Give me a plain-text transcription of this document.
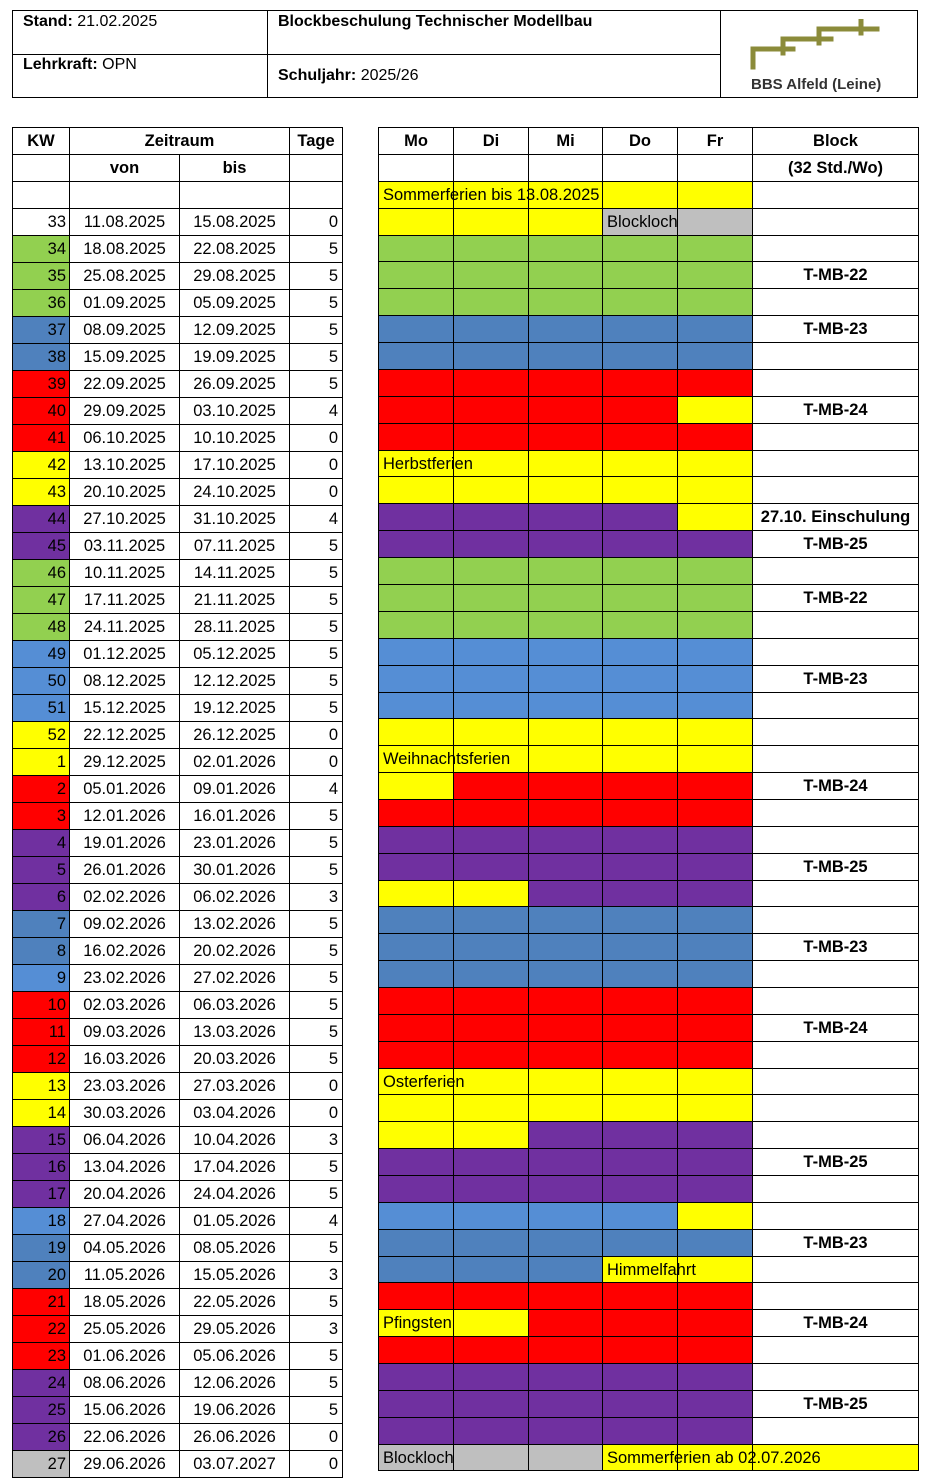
Stand: 21.02.2025
Lehrkraft: OPN
Blockbeschulung Technischer Modellbau
Schuljahr: 2025/26
BBS Alfeld (Leine)
KW	Zeitraum		Tage
	von	bis	

33	11.08.2025	15.08.2025	0
34	18.08.2025	22.08.2025	5
35	25.08.2025	29.08.2025	5
36	01.09.2025	05.09.2025	5
37	08.09.2025	12.09.2025	5
38	15.09.2025	19.09.2025	5
39	22.09.2025	26.09.2025	5
40	29.09.2025	03.10.2025	4
41	06.10.2025	10.10.2025	0
42	13.10.2025	17.10.2025	0
43	20.10.2025	24.10.2025	0
44	27.10.2025	31.10.2025	4
45	03.11.2025	07.11.2025	5
46	10.11.2025	14.11.2025	5
47	17.11.2025	21.11.2025	5
48	24.11.2025	28.11.2025	5
49	01.12.2025	05.12.2025	5
50	08.12.2025	12.12.2025	5
51	15.12.2025	19.12.2025	5
52	22.12.2025	26.12.2025	0
1	29.12.2025	02.01.2026	0
2	05.01.2026	09.01.2026	4
3	12.01.2026	16.01.2026	5
4	19.01.2026	23.01.2026	5
5	26.01.2026	30.01.2026	5
6	02.02.2026	06.02.2026	3
7	09.02.2026	13.02.2026	5
8	16.02.2026	20.02.2026	5
9	23.02.2026	27.02.2026	5
10	02.03.2026	06.03.2026	5
11	09.03.2026	13.03.2026	5
12	16.03.2026	20.03.2026	5
13	23.03.2026	27.03.2026	0
14	30.03.2026	03.04.2026	0
15	06.04.2026	10.04.2026	3
16	13.04.2026	17.04.2026	5
17	20.04.2026	24.04.2026	5
18	27.04.2026	01.05.2026	4
19	04.05.2026	08.05.2026	5
20	11.05.2026	15.05.2026	3
21	18.05.2026	22.05.2026	5
22	25.05.2026	29.05.2026	3
23	01.06.2026	05.06.2026	5
24	08.06.2026	12.06.2026	5
25	15.06.2026	19.06.2026	5
26	22.06.2026	26.06.2026	0
27	29.06.2026	03.07.2027	0
Mo	Di	Mi	Do	Fr	Block
					(32 Std./Wo)

Sommerferien bis 13.08.2025					

			Blockloch		

					T-MB-22

					T-MB-23

					T-MB-24

Herbstferien					

					27.10. Einschulung
					T-MB-25

					T-MB-22

					T-MB-23

Weihnachtsferien					

					T-MB-24

					T-MB-25

					T-MB-23

					T-MB-24

Osterferien					

					T-MB-25

					T-MB-23

			Himmelfahrt		

Pfingsten					T-MB-24

					T-MB-25

Blockloch			Sommerferien ab 02.07.2026		
